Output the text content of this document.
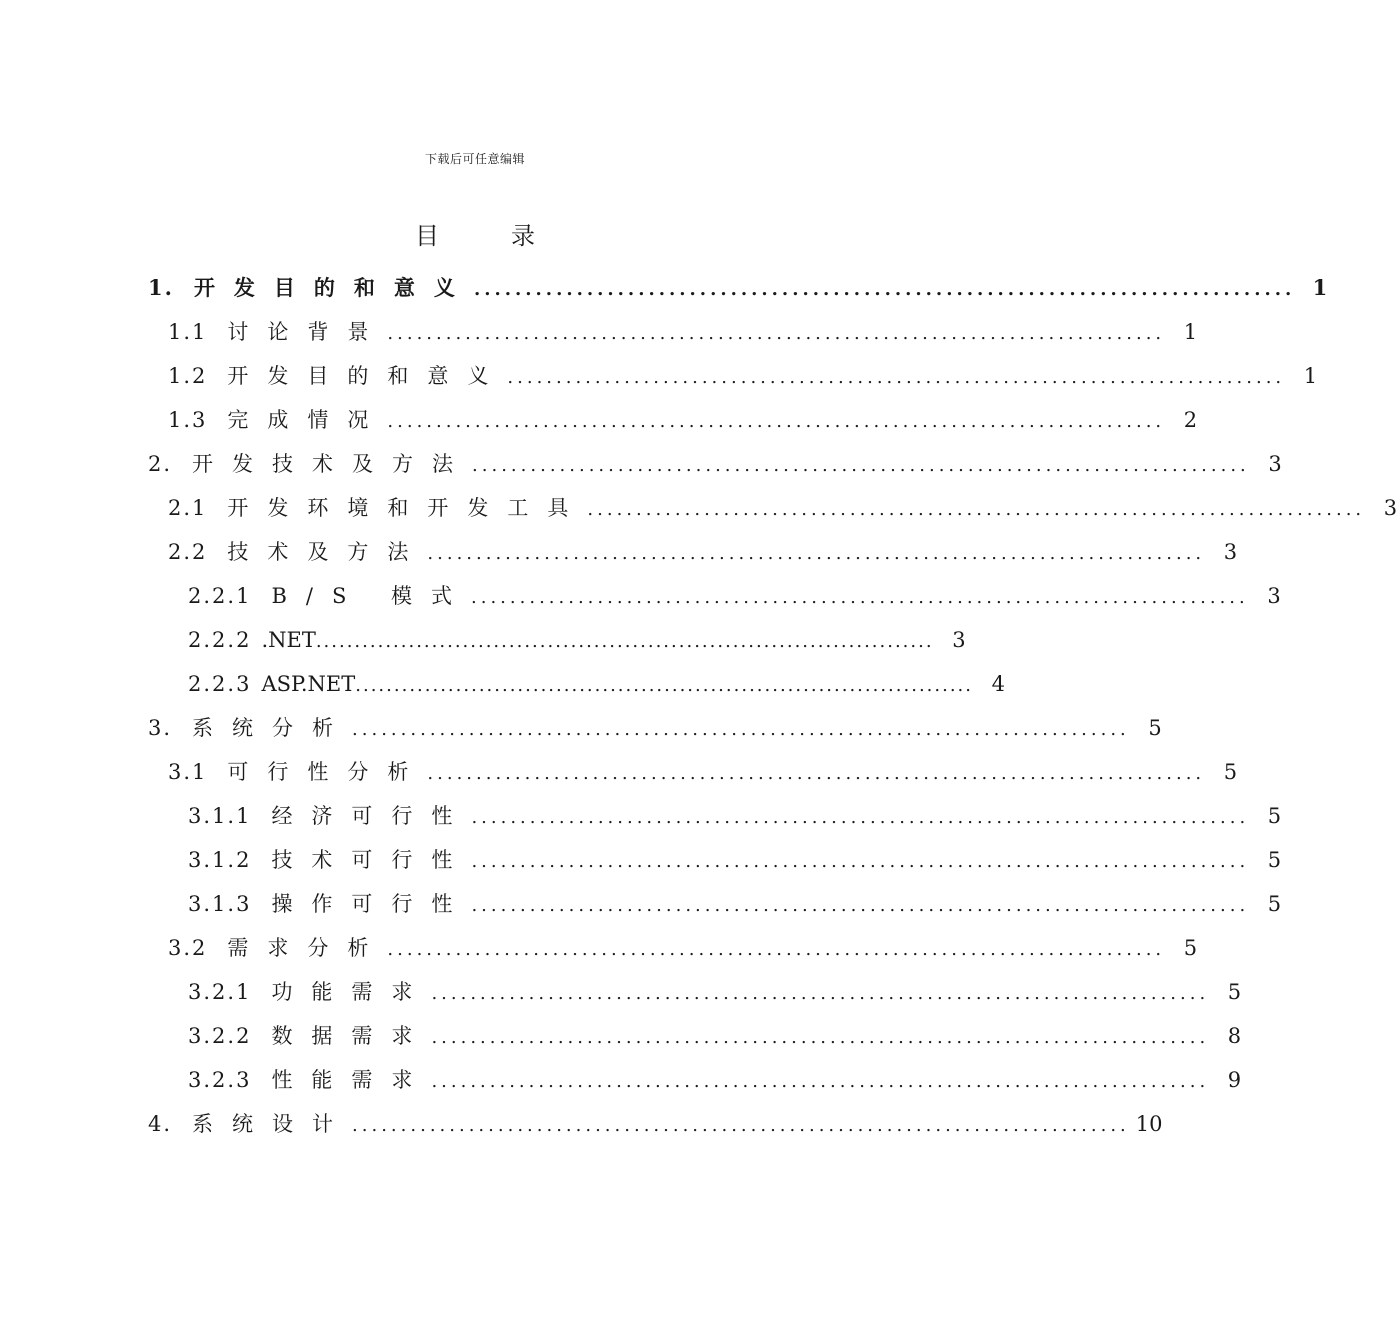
下载后可任意编辑
目	录
1. 开发目的和意义 ................................................................................ 1
1.1 讨论背景 ................................................................................ 1
1.2 开发目的和意义 ................................................................................ 1
1.3 完成情况 ................................................................................ 2
2. 开发技术及方法 ................................................................................ 3
2.1 开发环境和开发工具 ................................................................................ 3
2.2 技术及方法 ................................................................................ 3
2.2.1 B/S 模式 ................................................................................ 3
2.2.2 .NET ................................................................................ 3
2.2.3 ASP.NET ................................................................................ 4
3. 系统分析 ................................................................................ 5
3.1 可行性分析 ................................................................................ 5
3.1.1 经济可行性 ................................................................................ 5
3.1.2 技术可行性 ................................................................................ 5
3.1.3 操作可行性 ................................................................................ 5
3.2 需求分析 ................................................................................ 5
3.2.1 功能需求 ................................................................................ 5
3.2.2 数据需求 ................................................................................ 8
3.2.3 性能需求 ................................................................................ 9
4. 系统设计 ................................................................................ 10
